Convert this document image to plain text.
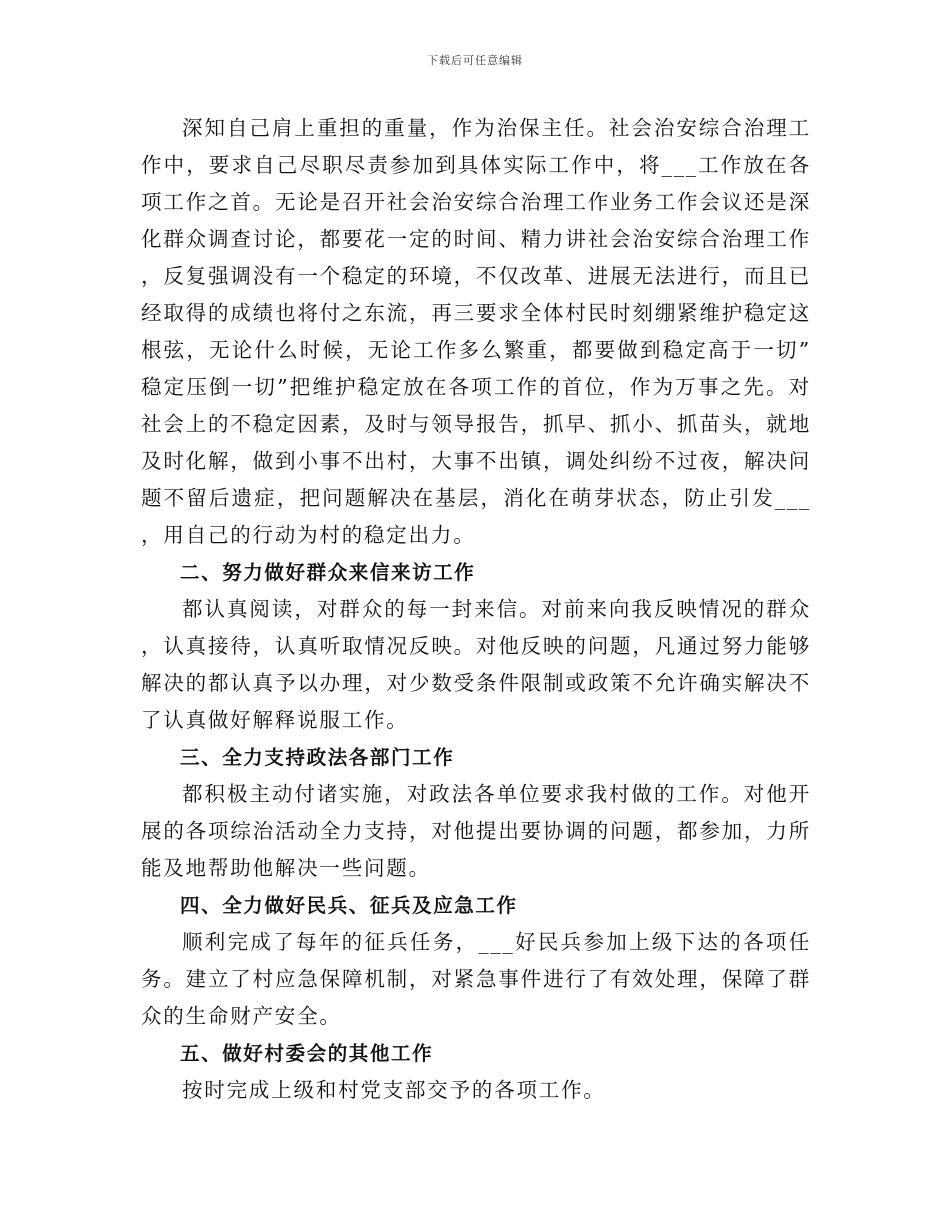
下载后可任意编辑

深知自己肩上重担的重量，作为治保主任。社会治安综合治理工作中，要求自己尽职尽责参加到具体实际工作中，将___工作放在各项工作之首。无论是召开社会治安综合治理工作业务工作会议还是深化群众调查讨论，都要花一定的时间、精力讲社会治安综合治理工作，反复强调没有一个稳定的环境，不仅改革、进展无法进行，而且已经取得的成绩也将付之东流，再三要求全体村民时刻绷紧维护稳定这根弦，无论什么时候，无论工作多么繁重，都要做到稳定高于一切”稳定压倒一切”把维护稳定放在各项工作的首位，作为万事之先。对社会上的不稳定因素，及时与领导报告，抓早、抓小、抓苗头，就地及时化解，做到小事不出村，大事不出镇，调处纠纷不过夜，解决问题不留后遗症，把问题解决在基层，消化在萌芽状态，防止引发___，用自己的行动为村的稳定出力。

二、努力做好群众来信来访工作

都认真阅读，对群众的每一封来信。对前来向我反映情况的群众，认真接待，认真听取情况反映。对他反映的问题，凡通过努力能够解决的都认真予以办理，对少数受条件限制或政策不允许确实解决不了认真做好解释说服工作。

三、全力支持政法各部门工作

都积极主动付诸实施，对政法各单位要求我村做的工作。对他开展的各项综治活动全力支持，对他提出要协调的问题，都参加，力所能及地帮助他解决一些问题。

四、全力做好民兵、征兵及应急工作

顺利完成了每年的征兵任务，___好民兵参加上级下达的各项任务。建立了村应急保障机制，对紧急事件进行了有效处理，保障了群众的生命财产安全。

五、做好村委会的其他工作

按时完成上级和村党支部交予的各项工作。
